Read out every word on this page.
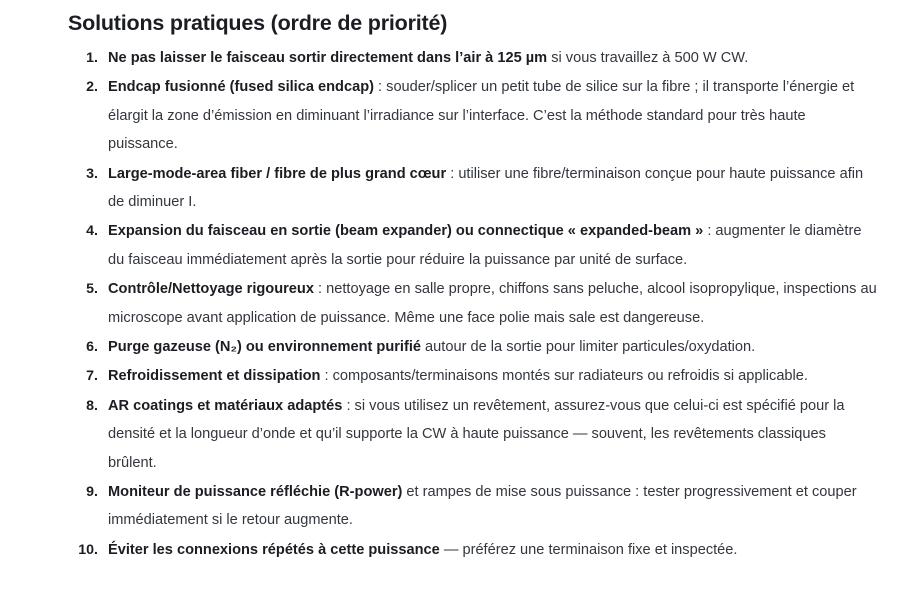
Solutions pratiques (ordre de priorité)
Ne pas laisser le faisceau sortir directement dans l’air à 125 µm si vous travaillez à 500 W CW.
Endcap fusionné (fused silica endcap) : souder/splicer un petit tube de silice sur la fibre ; il transporte l’énergie et élargit la zone d’émission en diminuant l’irradiance sur l’interface. C’est la méthode standard pour très haute puissance.
Large-mode-area fiber / fibre de plus grand cœur : utiliser une fibre/terminaison conçue pour haute puissance afin de diminuer I.
Expansion du faisceau en sortie (beam expander) ou connectique « expanded-beam » : augmenter le diamètre du faisceau immédiatement après la sortie pour réduire la puissance par unité de surface.
Contrôle/Nettoyage rigoureux : nettoyage en salle propre, chiffons sans peluche, alcool isopropylique, inspections au microscope avant application de puissance. Même une face polie mais sale est dangereuse.
Purge gazeuse (N₂) ou environnement purifié autour de la sortie pour limiter particules/oxydation.
Refroidissement et dissipation : composants/terminaisons montés sur radiateurs ou refroidis si applicable.
AR coatings et matériaux adaptés : si vous utilisez un revêtement, assurez-vous que celui-ci est spécifié pour la densité et la longueur d’onde et qu’il supporte la CW à haute puissance — souvent, les revêtements classiques brûlent.
Moniteur de puissance réfléchie (R-power) et rampes de mise sous puissance : tester progressivement et couper immédiatement si le retour augmente.
Éviter les connexions répétés à cette puissance — préférez une terminaison fixe et inspectée.
